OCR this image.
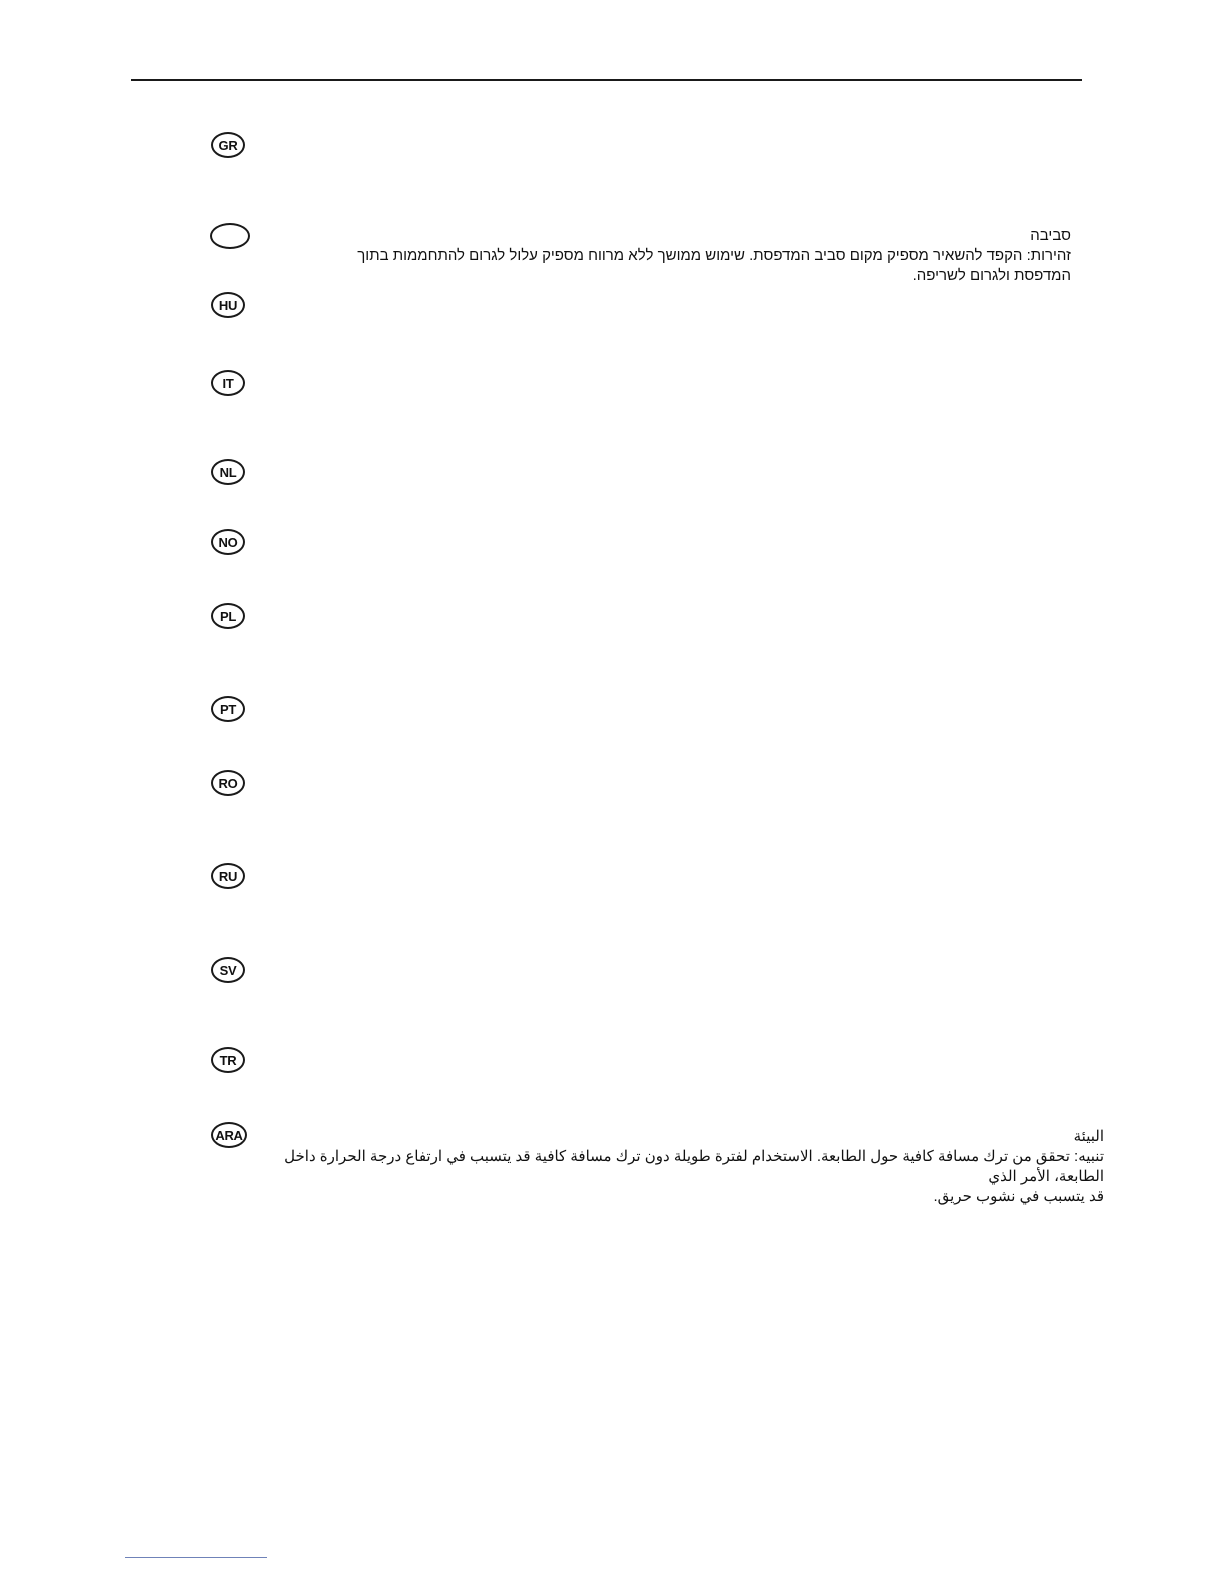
GR
HU
IT
NL
NO
PL
PT
RO
RU
SV
TR
ARA

סביבה

זהירות: הקפד להשאיר מספיק מקום סביב המדפסת. שימוש ממושך ללא מרווח מספיק עלול לגרום להתחממות בתוך

המדפסת ולגרום לשריפה.

البيئة

تنبيه: تحقق من ترك مسافة كافية حول الطابعة. الاستخدام لفترة طويلة دون ترك مسافة كافية قد يتسبب في ارتفاع درجة الحرارة داخل الطابعة، الأمر الذي

قد يتسبب في نشوب حريق.
